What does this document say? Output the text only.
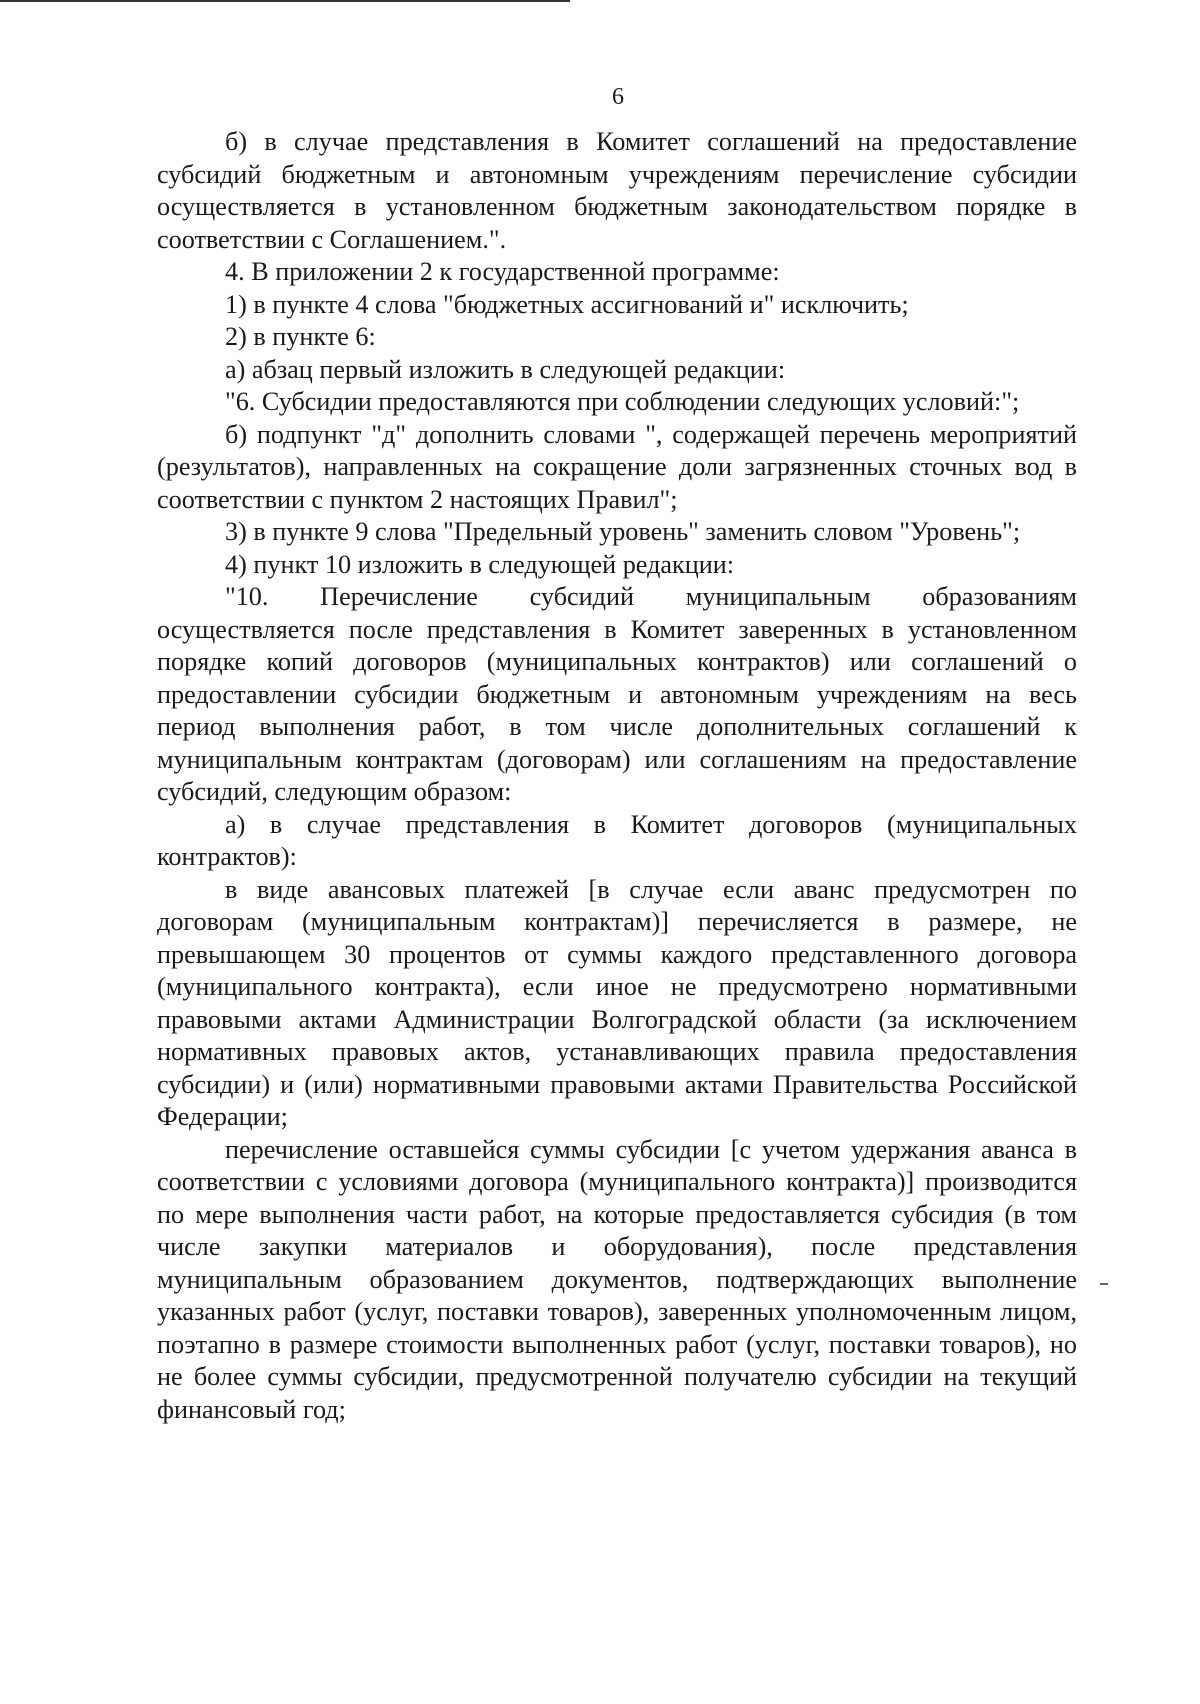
6

б) в случае представления в Комитет соглашений на предоставление субсидий бюджетным и автономным учреждениям перечисление субсидии осуществляется в установленном бюджетным законодательством порядке в соответствии с Соглашением.".

4. В приложении 2 к государственной программе:

1) в пункте 4 слова "бюджетных ассигнований и" исключить;

2) в пункте 6:

а) абзац первый изложить в следующей редакции:

"6. Субсидии предоставляются при соблюдении следующих условий:";

б) подпункт "д" дополнить словами ", содержащей перечень мероприятий (результатов), направленных на сокращение доли загрязненных сточных вод в соответствии с пунктом 2 настоящих Правил";

3) в пункте 9 слова "Предельный уровень" заменить словом "Уровень";

4) пункт 10 изложить в следующей редакции:

"10. Перечисление субсидий муниципальным образованиям осуществляется после представления в Комитет заверенных в установленном порядке копий договоров (муниципальных контрактов) или соглашений о предоставлении субсидии бюджетным и автономным учреждениям на весь период выполнения работ, в том числе дополнительных соглашений к муниципальным контрактам (договорам) или соглашениям на предоставление субсидий, следующим образом:

а) в случае представления в Комитет договоров (муниципальных контрактов):

в виде авансовых платежей [в случае если аванс предусмотрен по договорам (муниципальным контрактам)] перечисляется в размере, не превышающем 30 процентов от суммы каждого представленного договора (муниципального контракта), если иное не предусмотрено нормативными правовыми актами Администрации Волгоградской области (за исключением нормативных правовых актов, устанавливающих правила предоставления субсидии) и (или) нормативными правовыми актами Правительства Российской Федерации;

перечисление оставшейся суммы субсидии [с учетом удержания аванса в соответствии с условиями договора (муниципального контракта)] производится по мере выполнения части работ, на которые предоставляется субсидия (в том числе закупки материалов и оборудования), после представления муниципальным образованием документов, подтверждающих выполнение указанных работ (услуг, поставки товаров), заверенных уполномоченным лицом, поэтапно в размере стоимости выполненных работ (услуг, поставки товаров), но не более суммы субсидии, предусмотренной получателю субсидии на текущий финансовый год;
